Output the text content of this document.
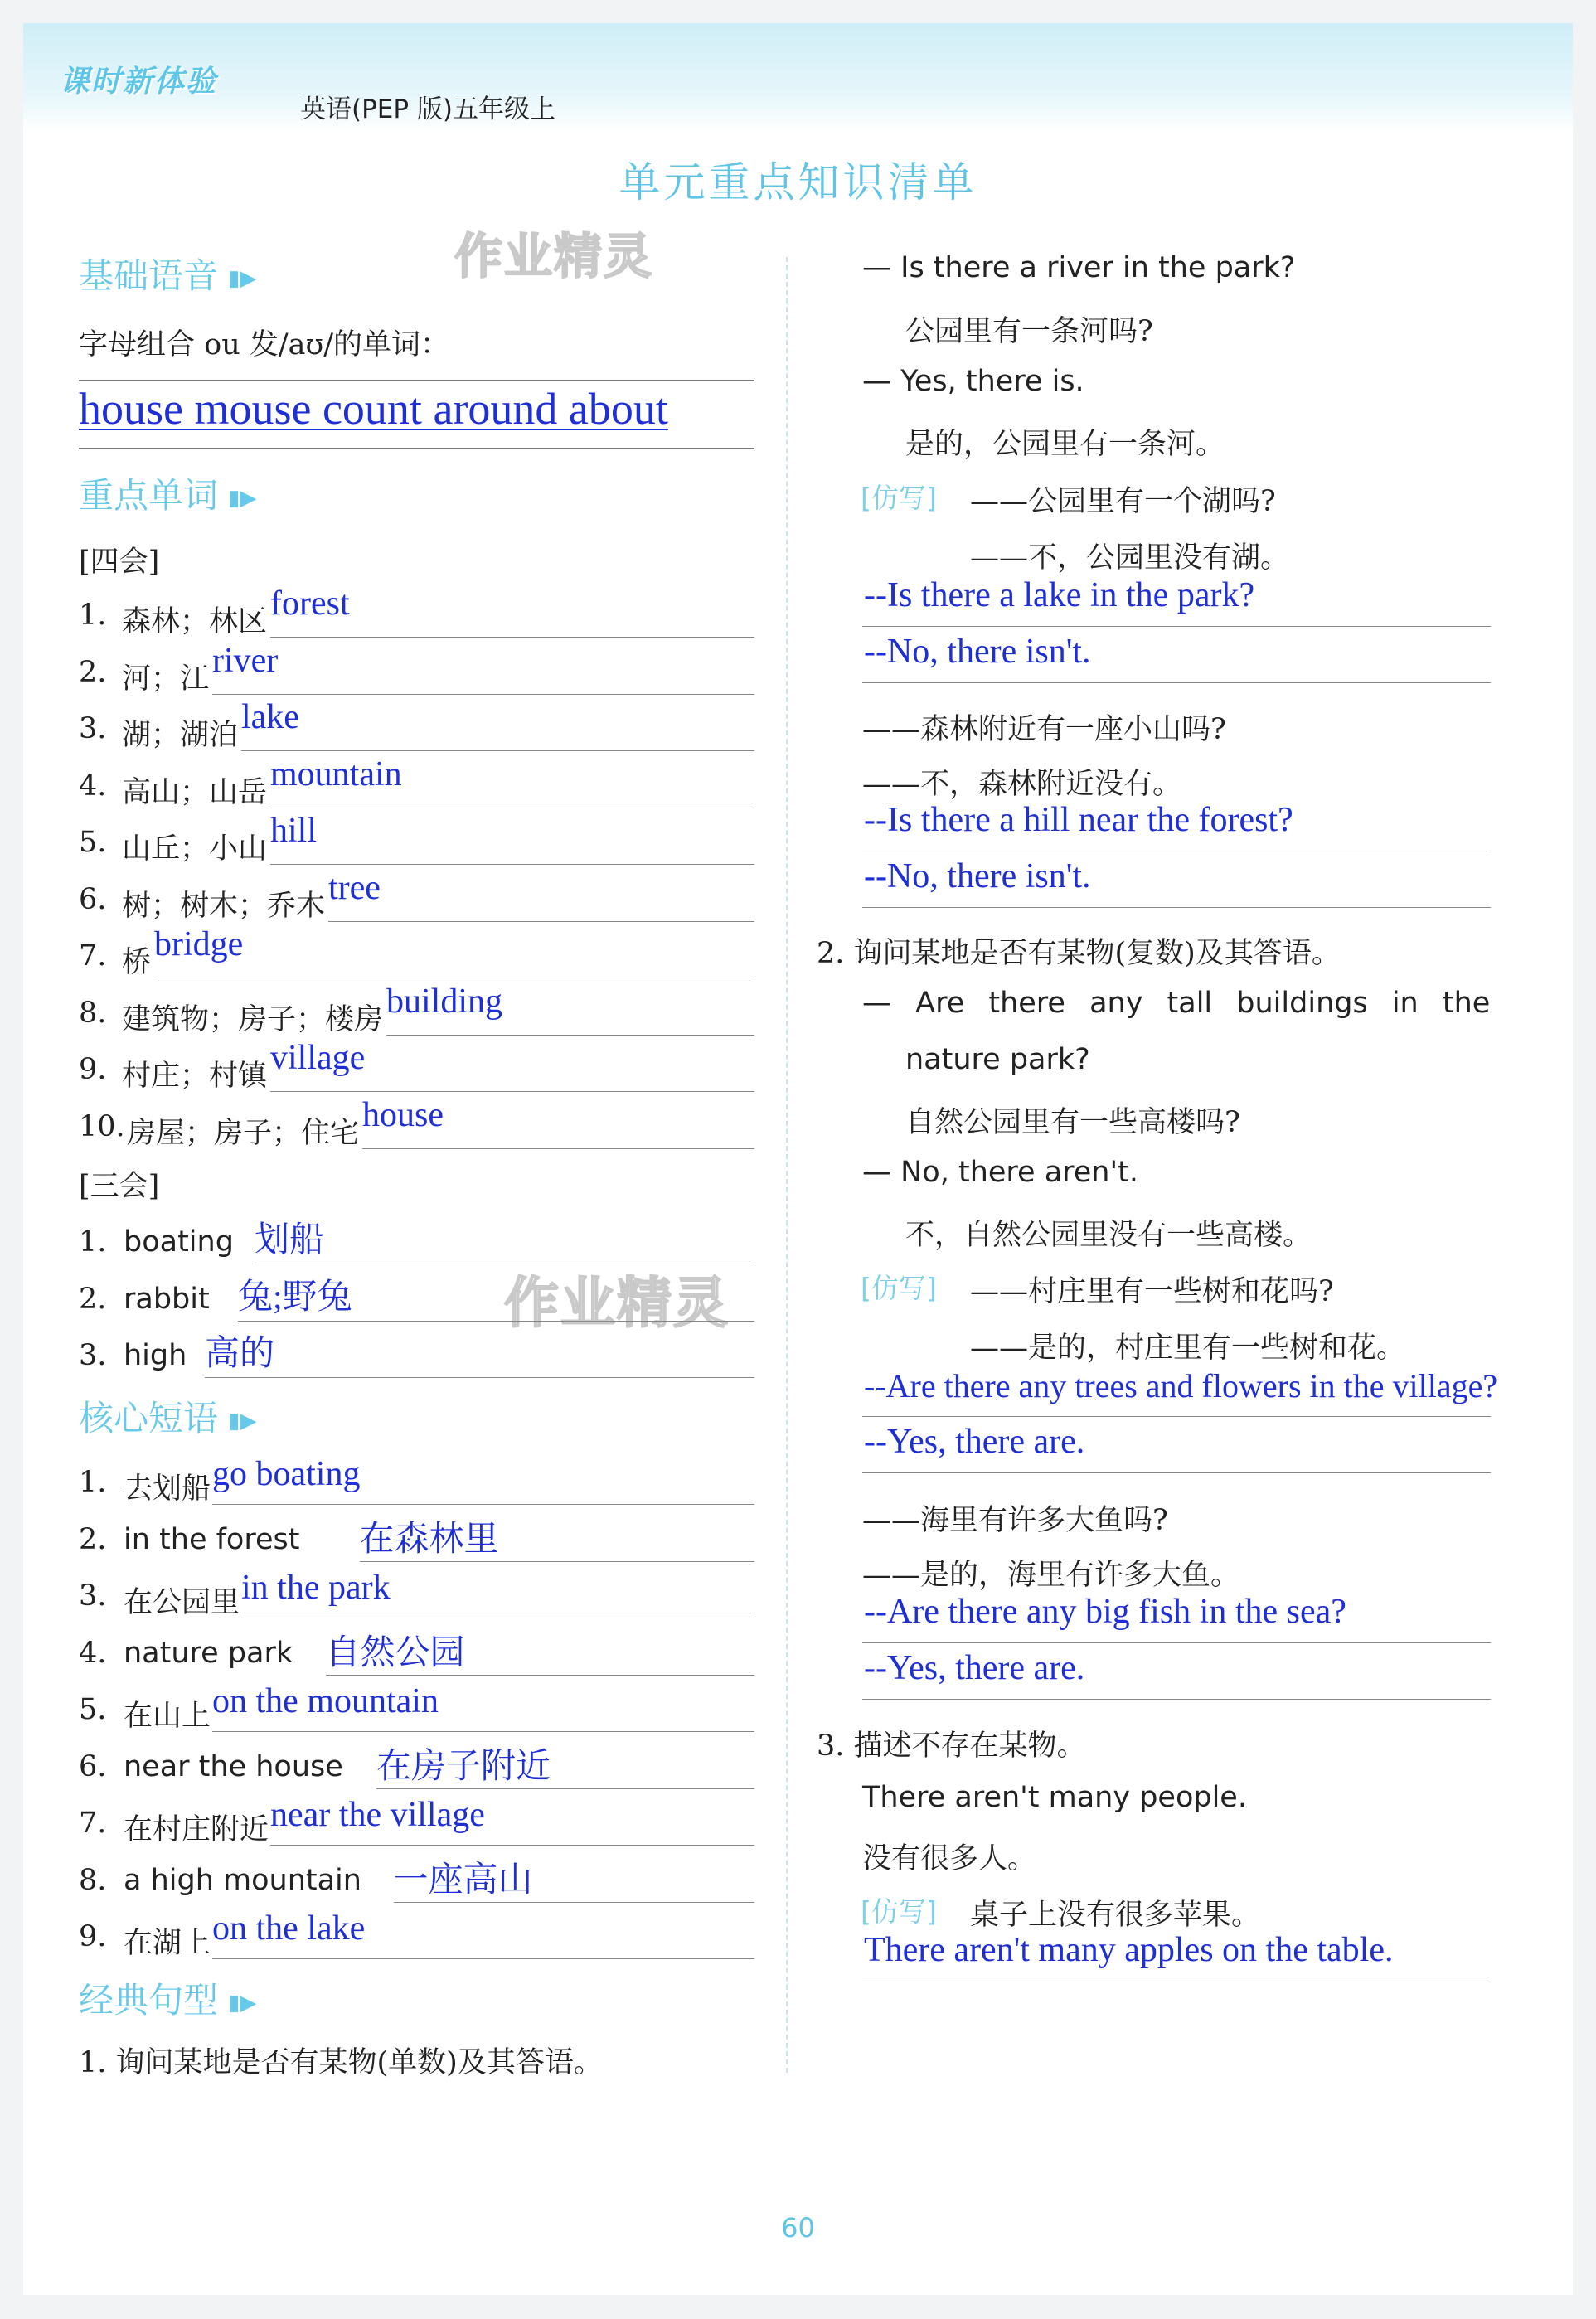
课时新体验
英语(PEP 版)五年级上
单元重点知识清单
作业精灵
作业精灵
基础语音 ▮▶
字母组合 ou 发/aʊ/的单词：
house mouse count around about
重点单词 ▮▶
[四会]
[三会]
核心短语 ▮▶
经典句型 ▮▶
1. 询问某地是否有某物(单数)及其答语。
— Is there a river in the park?
公园里有一条河吗?
— Yes, there is.
是的，公园里有一条河。
[仿写] ——公园里有一个湖吗?
——不，公园里没有湖。
--Is there a lake in the park?
--No, there isn't.
——森林附近有一座小山吗?
——不，森林附近没有。
--Is there a hill near the forest?
--No, there isn't.
2. 询问某地是否有某物(复数)及其答语。
— Are there any tall buildings in the
nature park?
自然公园里有一些高楼吗?
— No, there aren't.
不，自然公园里没有一些高楼。
[仿写] ——村庄里有一些树和花吗?
——是的，村庄里有一些树和花。
--Are there any trees and flowers in the village?
--Yes, there are.
——海里有许多大鱼吗?
——是的，海里有许多大鱼。
--Are there any big fish in the sea?
--Yes, there are.
3. 描述不存在某物。
There aren't many people.
没有很多人。
[仿写] 桌子上没有很多苹果。
There aren't many apples on the table.
60
1. 森林；林区 forest
2. 河；江 river
3. 湖；湖泊 lake
4. 高山；山岳 mountain
5. 山丘；小山 hill
6. 树；树木；乔木 tree
7. 桥 bridge
8. 建筑物；房子；楼房 building
9. 村庄；村镇 village
10. 房屋；房子；住宅 house
1. boating 划船
2. rabbit 兔;野兔
3. high 高的
1. 去划船 go boating
2. in the forest 在森林里
3. 在公园里 in the park
4. nature park 自然公园
5. 在山上 on the mountain
6. near the house 在房子附近
7. 在村庄附近 near the village
8. a high mountain 一座高山
9. 在湖上 on the lake
